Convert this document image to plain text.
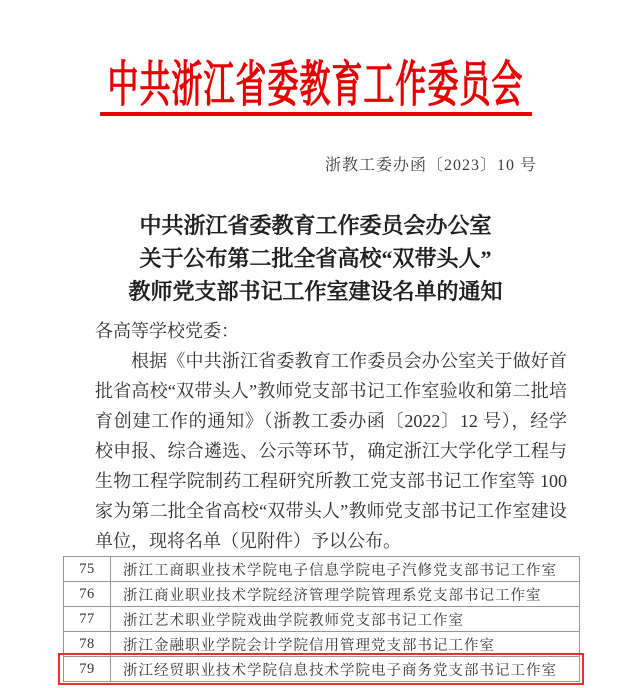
中共浙江省委教育工作委员会
浙教工委办函〔2023〕10 号
中共浙江省委教育工作委员会办公室
关于公布第二批全省高校“双带头人”
教师党支部书记工作室建设名单的通知
各高等学校党委：
根据《中共浙江省委教育工作委员会办公室关于做好首批省高校“双带头人”教师党支部书记工作室验收和第二批培育创建工作的通知》（浙教工委办函〔2022〕12 号），经学校申报、综合遴选、公示等环节，确定浙江大学化学工程与生物工程学院制药工程研究所教工党支部书记工作室等 100 家为第二批全省高校“双带头人”教师党支部书记工作室建设单位，现将名单（见附件）予以公布。
75	浙江工商职业技术学院电子信息学院电子汽修党支部书记工作室
76	浙江商业职业技术学院经济管理学院管理系党支部书记工作室
77	浙江艺术职业学院戏曲学院教师党支部书记工作室
78	浙江金融职业学院会计学院信用管理党支部书记工作室
79	浙江经贸职业技术学院信息技术学院电子商务党支部书记工作室
